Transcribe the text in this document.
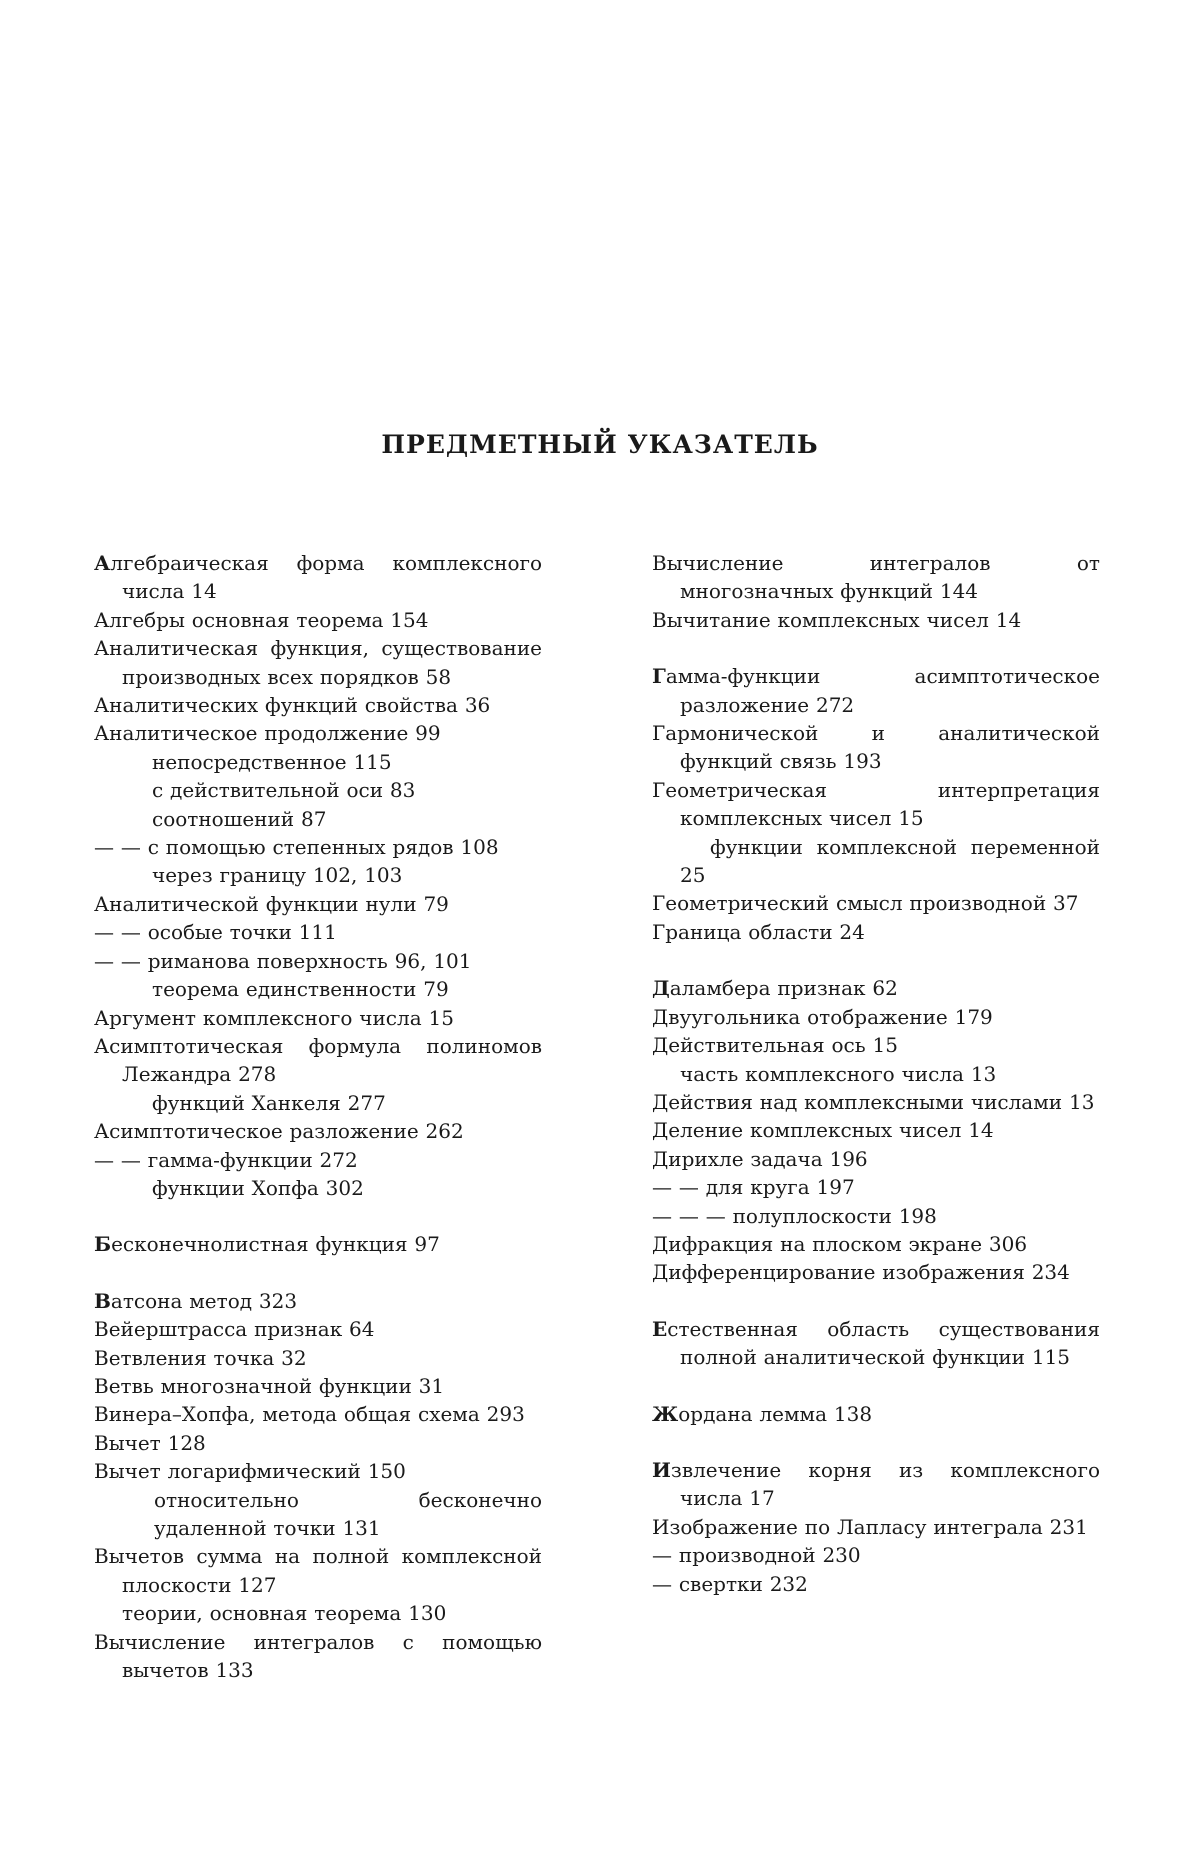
ПРЕДМЕТНЫЙ УКАЗАТЕЛЬ
Алгебраическая форма комплексного числа 14
Алгебры основная теорема 154
Аналитическая функция, существование производных всех порядков 58
Аналитических функций свойства 36
Аналитическое продолжение 99
непосредственное 115
с действительной оси 83
соотношений 87
— — с помощью степенных рядов 108
через границу 102, 103
Аналитической функции нули 79
— — особые точки 111
— — риманова поверхность 96, 101
теорема единственности 79
Аргумент комплексного числа 15
Асимптотическая формула полиномов Лежандра 278
функций Ханкеля 277
Асимптотическое разложение 262
— — гамма-функции 272
функции Хопфа 302
Бесконечнолистная функция 97
Ватсона метод 323
Вейерштрасса признак 64
Ветвления точка 32
Ветвь многозначной функции 31
Винера–Хопфа, метода общая схема 293
Вычет 128
Вычет логарифмический 150
относительно бесконечно удаленной точки 131
Вычетов сумма на полной комплексной плоскости 127
теории, основная теорема 130
Вычисление интегралов с помощью вычетов 133
Вычисление интегралов от многозначных функций 144
Вычитание комплексных чисел 14
Гамма-функции асимптотическое разложение 272
Гармонической и аналитической функций связь 193
Геометрическая интерпретация комплексных чисел 15
функции комплексной переменной 25
Геометрический смысл производной 37
Граница области 24
Даламбера признак 62
Двуугольника отображение 179
Действительная ось 15
часть комплексного числа 13
Действия над комплексными числами 13
Деление комплексных чисел 14
Дирихле задача 196
— — для круга 197
— — — полуплоскости 198
Дифракция на плоском экране 306
Дифференцирование изображения 234
Естественная область существования полной аналитической функции 115
Жордана лемма 138
Извлечение корня из комплексного числа 17
Изображение по Лапласу интеграла 231
— производной 230
— свертки 232
